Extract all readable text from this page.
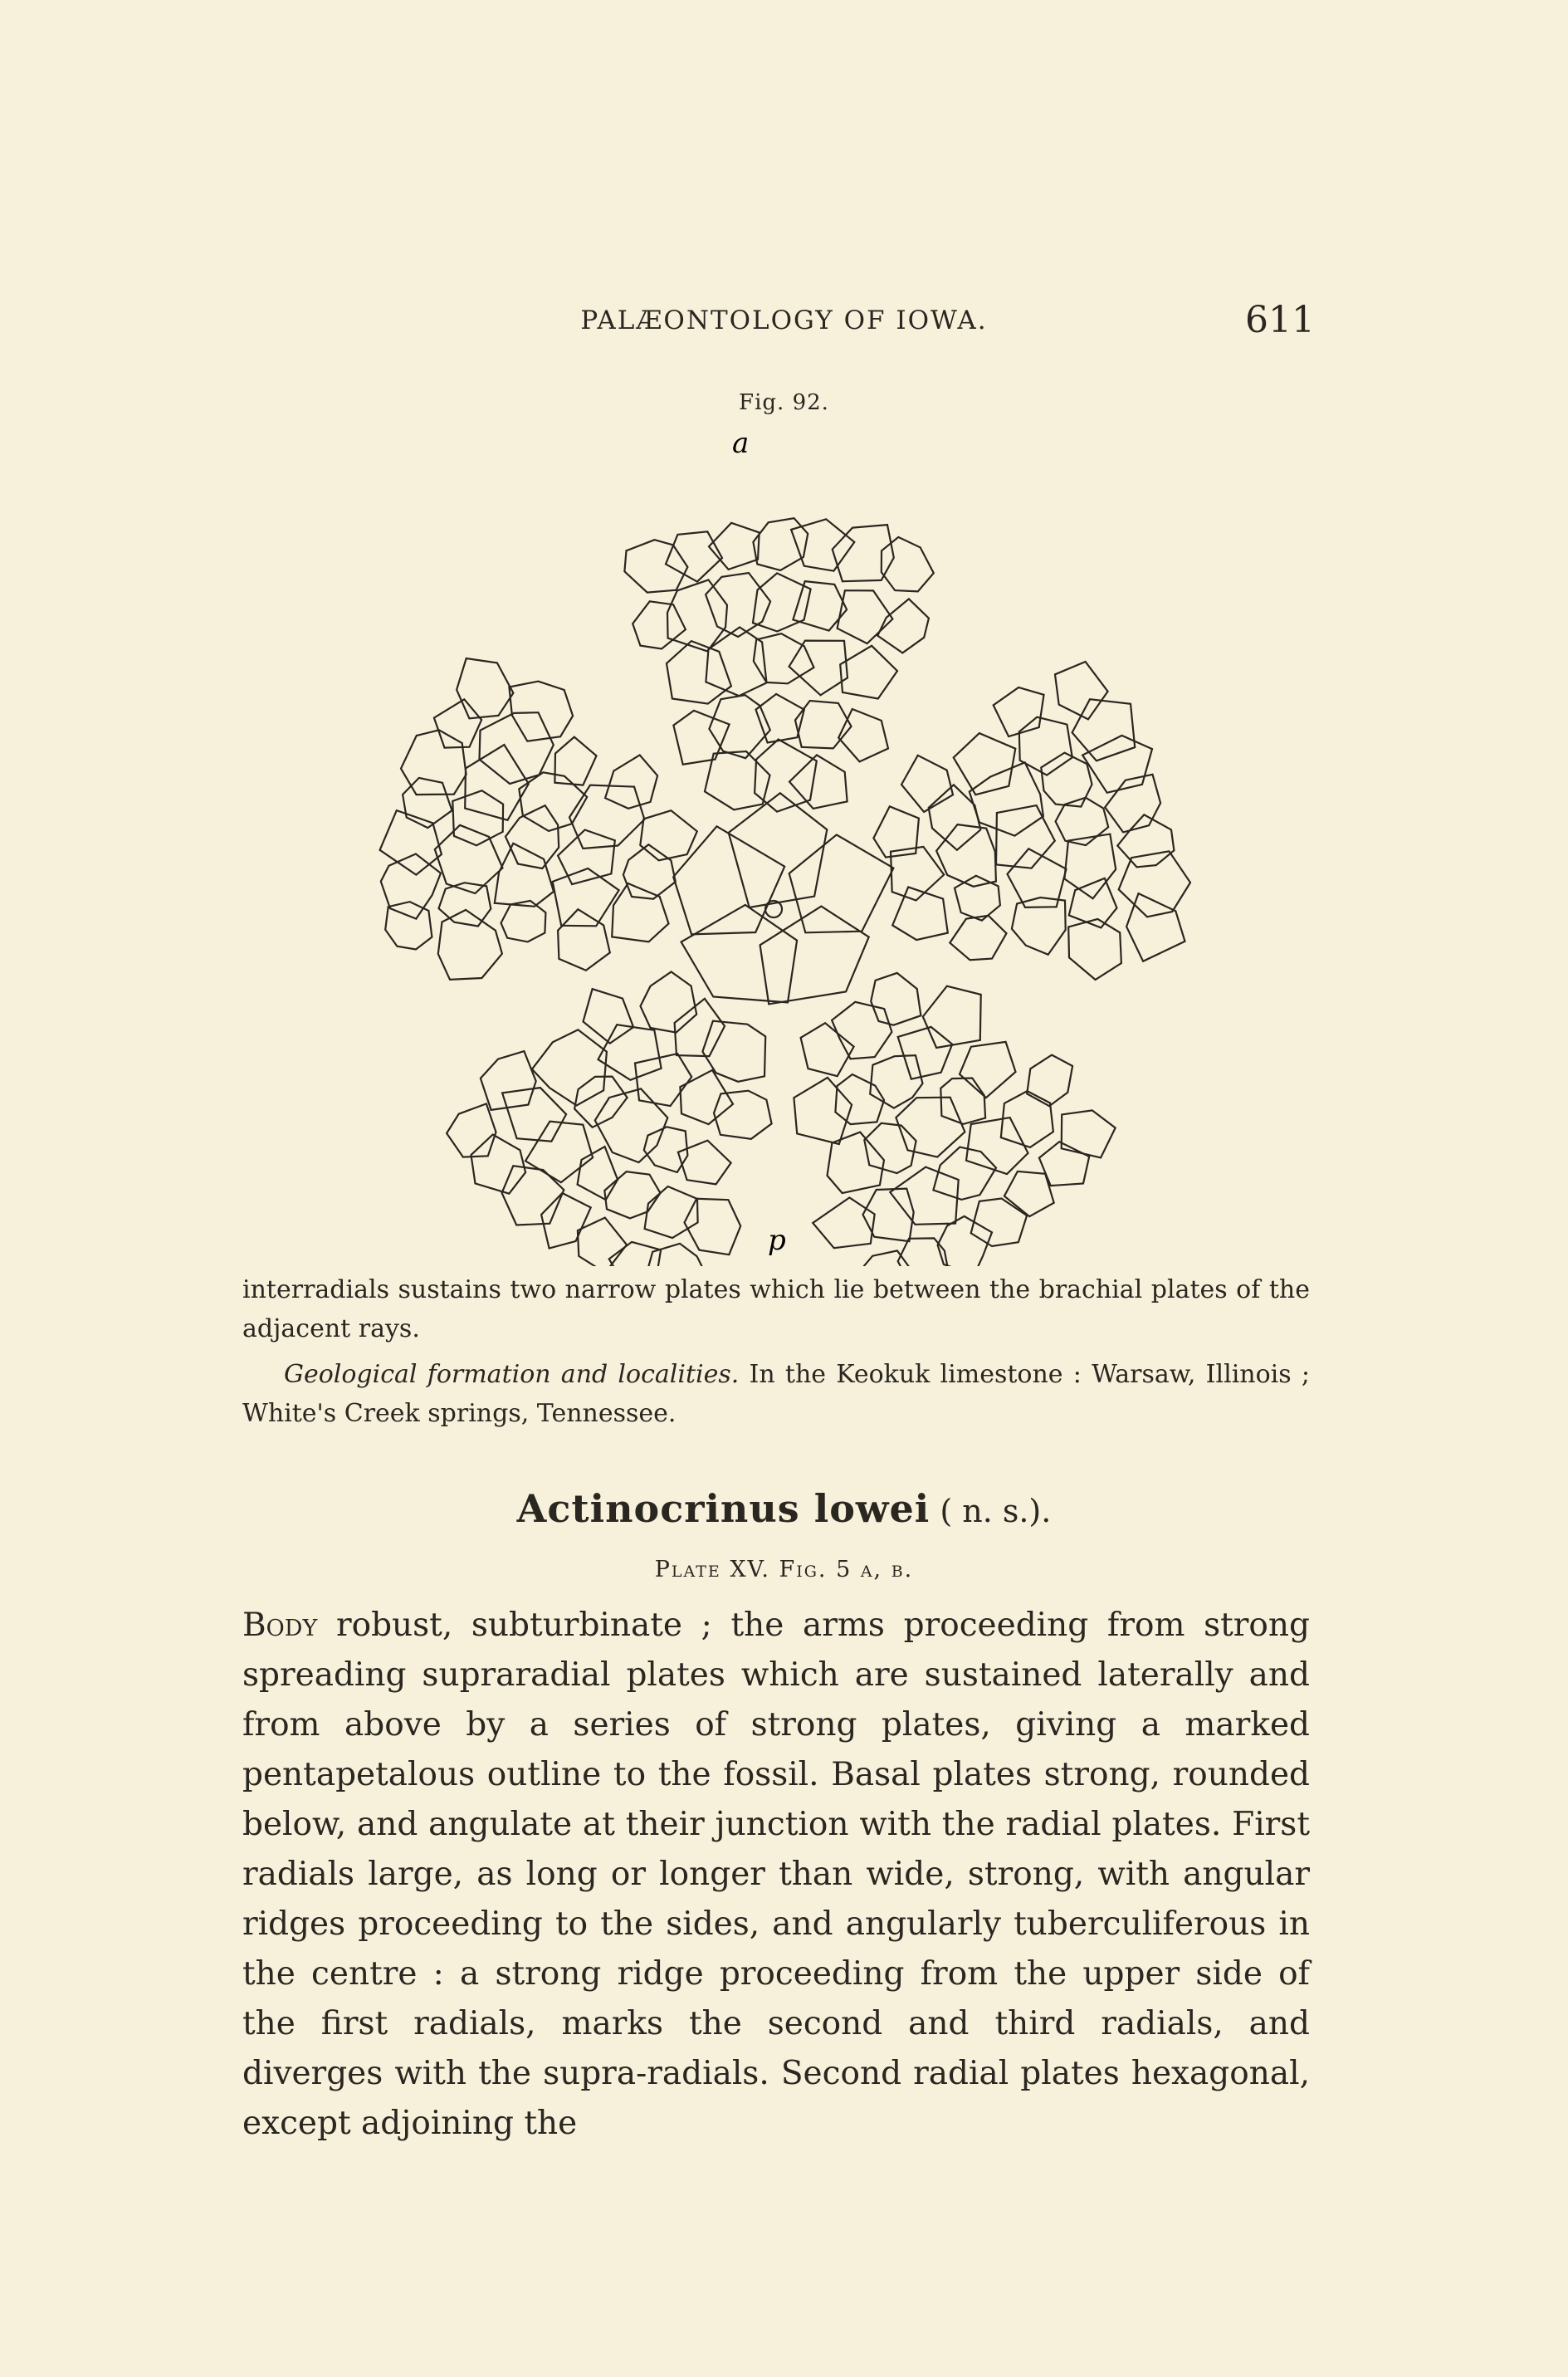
PALÆONTOLOGY OF IOWA.	611
Fig. 92.
a
p
interradials sustains two narrow plates which lie between the brachial plates of the adjacent rays.
Geological formation and localities. In the Keokuk limestone : Warsaw, Illinois ; White's Creek springs, Tennessee.
Actinocrinus lowei ( n. s.).
Plate XV. Fig. 5 a, b.
Body robust, subturbinate ; the arms proceeding from strong spreading supraradial plates which are sustained laterally and from above by a series of strong plates, giving a marked pentapetalous outline to the fossil. Basal plates strong, rounded below, and angulate at their junction with the radial plates. First radials large, as long or longer than wide, strong, with angular ridges proceeding to the sides, and angularly tuberculiferous in the centre : a strong ridge proceeding from the upper side of the first radials, marks the second and third radials, and diverges with the supra-radials. Second radial plates hexagonal, except adjoining the
